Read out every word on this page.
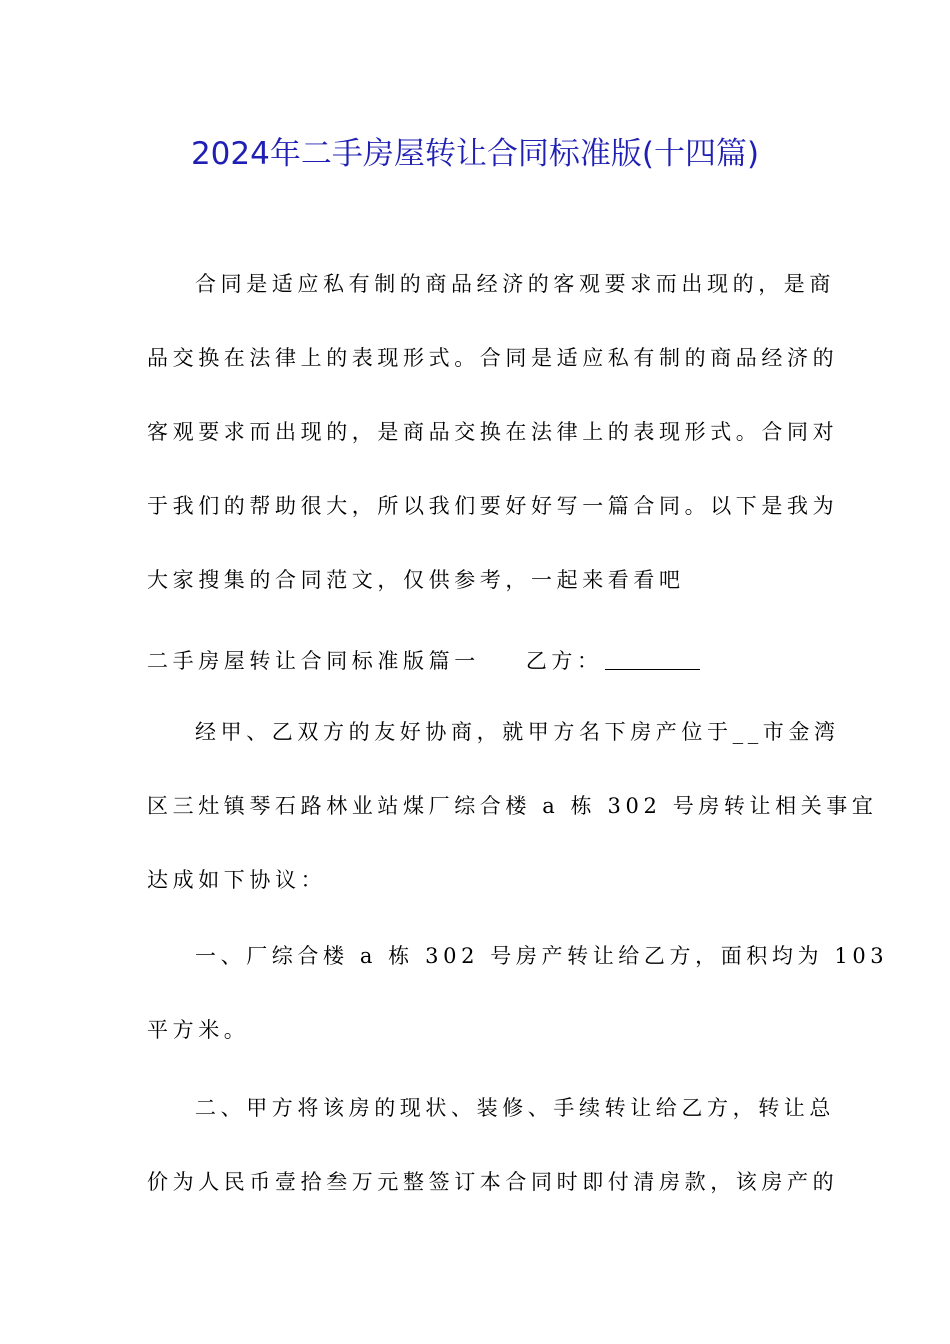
2024年二手房屋转让合同标准版(十四篇)
合同是适应私有制的商品经济的客观要求而出现的，是商
品交换在法律上的表现形式。合同是适应私有制的商品经济的
客观要求而出现的，是商品交换在法律上的表现形式。合同对
于我们的帮助很大，所以我们要好好写一篇合同。以下是我为
大家搜集的合同范文，仅供参考，一起来看看吧
二手房屋转让合同标准版篇一 乙方：
经甲、乙双方的友好协商，就甲方名下房产位于__市金湾
区三灶镇琴石路林业站煤厂综合楼 a 栋 302 号房转让相关事宜
达成如下协议：
一、厂综合楼 a 栋 302 号房产转让给乙方，面积均为 103
平方米。
二、甲方将该房的现状、装修、手续转让给乙方，转让总
价为人民币壹拾叁万元整签订本合同时即付清房款，该房产的
